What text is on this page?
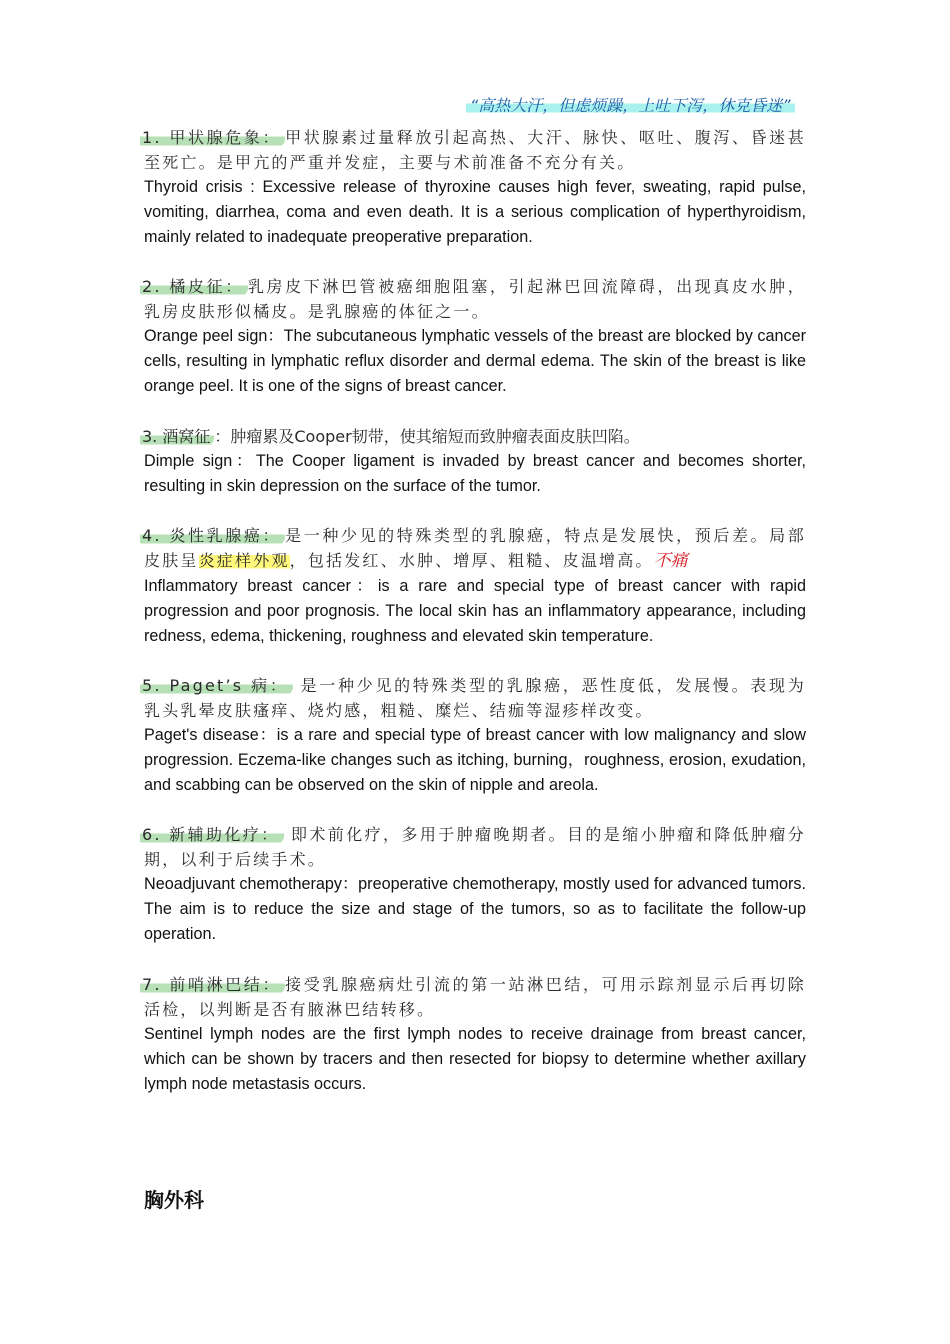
“高热大汗，但虑烦躁，上吐下泻，休克昏迷”
1. 甲状腺危象： 甲状腺素过量释放引起高热、大汗、脉快、呕吐、腹泻、昏迷甚至死亡。是甲亢的严重并发症，主要与术前准备不充分有关。
Thyroid crisis : Excessive release of thyroxine causes high fever, sweating, rapid pulse, vomiting, diarrhea, coma and even death. It is a serious complication of hyperthyroidism, mainly related to inadequate preoperative preparation.
2. 橘皮征： 乳房皮下淋巴管被癌细胞阻塞，引起淋巴回流障碍，出现真皮水肿，乳房皮肤形似橘皮。是乳腺癌的体征之一。
Orange peel sign：The subcutaneous lymphatic vessels of the breast are blocked by cancer cells, resulting in lymphatic reflux disorder and dermal edema. The skin of the breast is like orange peel. It is one of the signs of breast cancer.
3. 酒窝征 ：肿瘤累及Cooper韧带，使其缩短而致肿瘤表面皮肤凹陷。
Dimple sign：The Cooper ligament is invaded by breast cancer and becomes shorter, resulting in skin depression on the surface of the tumor.
4. 炎性乳腺癌： 是一种少见的特殊类型的乳腺癌，特点是发展快，预后差。局部皮肤呈炎症样外观，包括发红、水肿、增厚、粗糙、皮温增高。不痛
Inflammatory breast cancer：is a rare and special type of breast cancer with rapid progression and poor prognosis. The local skin has an inflammatory appearance, including redness, edema, thickening, roughness and elevated skin temperature.
5. Paget’s 病： 是一种少见的特殊类型的乳腺癌，恶性度低，发展慢。表现为乳头乳晕皮肤瘙痒、烧灼感，粗糙、糜烂、结痂等湿疹样改变。
Paget's disease：is a rare and special type of breast cancer with low malignancy and slow progression. Eczema-like changes such as itching, burning，roughness, erosion, exudation, and scabbing can be observed on the skin of nipple and areola.
6. 新辅助化疗： 即术前化疗，多用于肿瘤晚期者。目的是缩小肿瘤和降低肿瘤分期，以利于后续手术。
Neoadjuvant chemotherapy：preoperative chemotherapy, mostly used for advanced tumors. The aim is to reduce the size and stage of the tumors, so as to facilitate the follow-up operation.
7. 前哨淋巴结： 接受乳腺癌病灶引流的第一站淋巴结，可用示踪剂显示后再切除活检，以判断是否有腋淋巴结转移。
Sentinel lymph nodes are the first lymph nodes to receive drainage from breast cancer, which can be shown by tracers and then resected for biopsy to determine whether axillary lymph node metastasis occurs.
胸外科
